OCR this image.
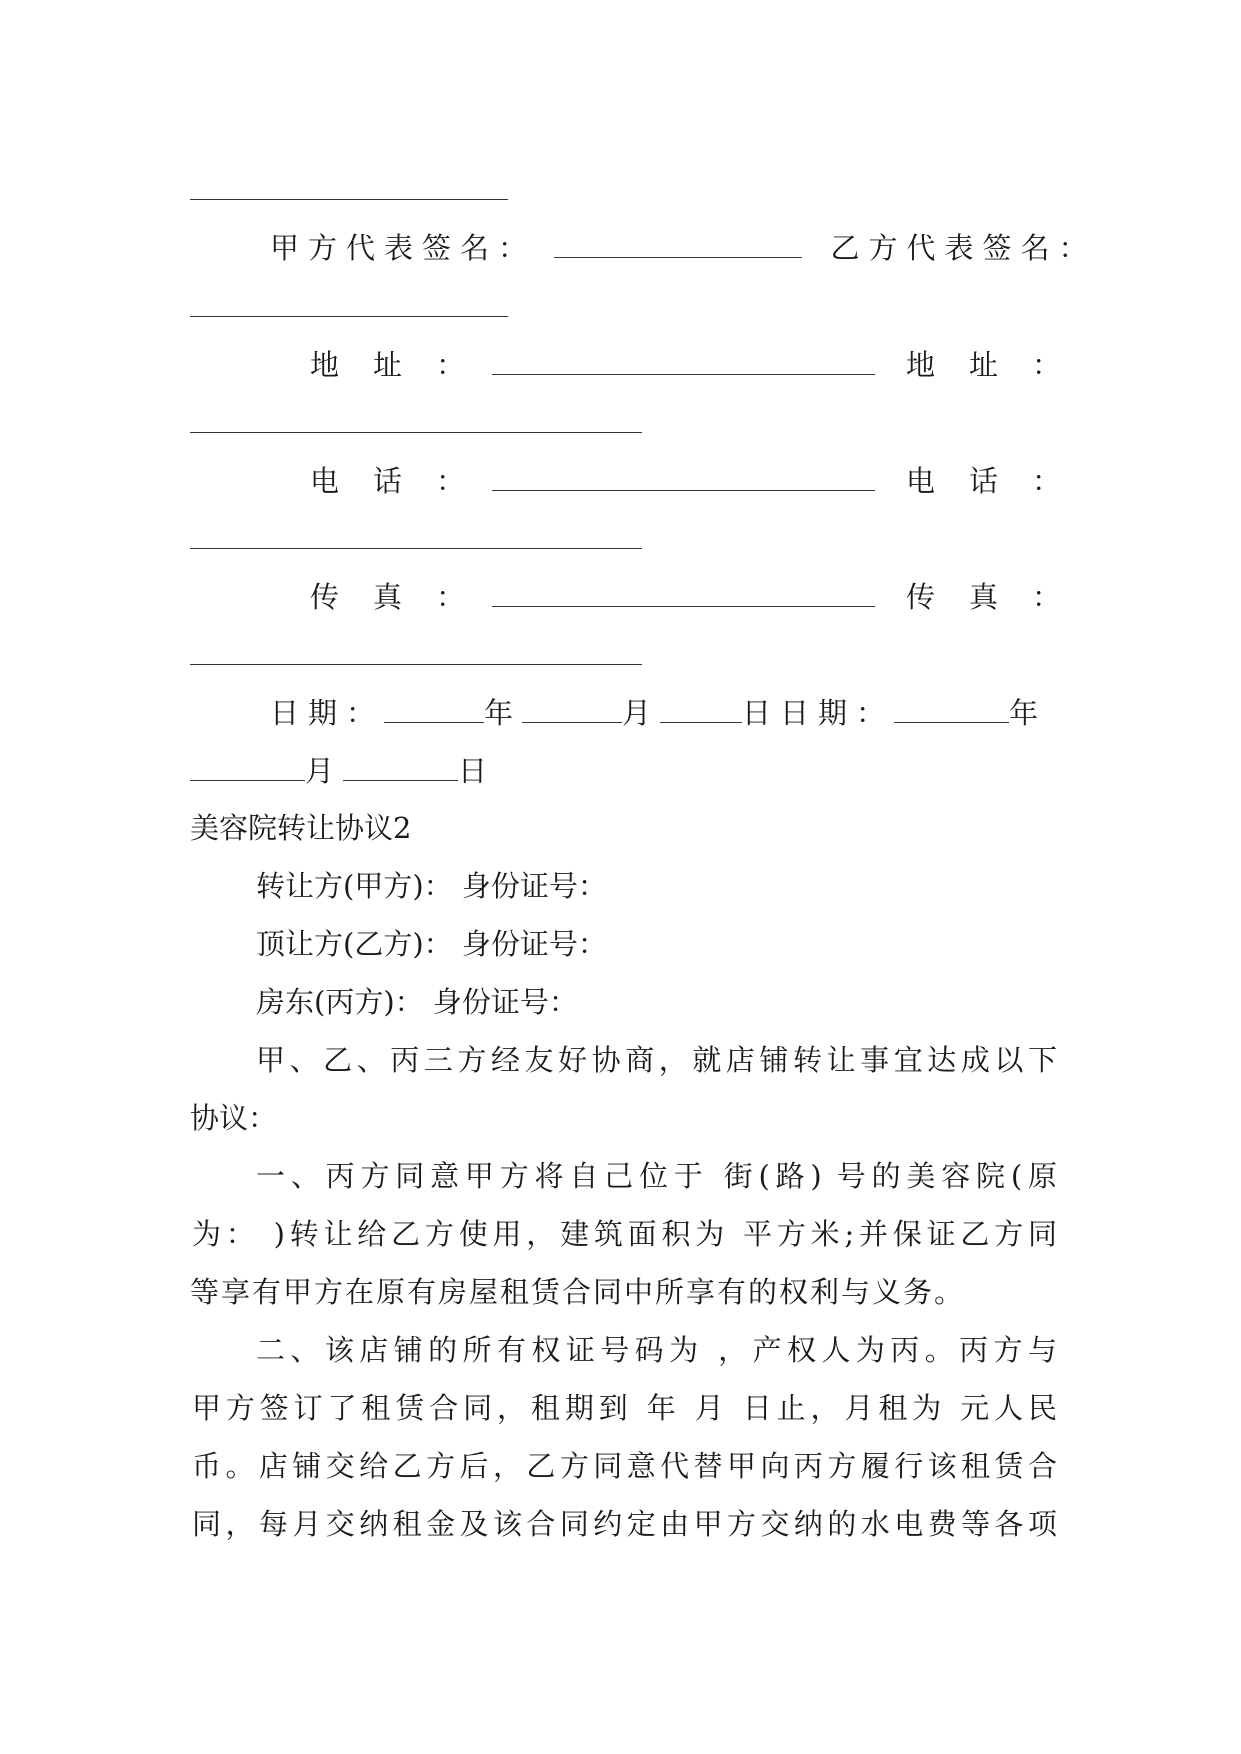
甲方代表签名：	乙方代表签名：
地址：	地址：
电话：	电话：
传真：	传真：
日期：	年	月	日日期：	年
月	日
美容院转让协议2
转让方(甲方)： 身份证号：
顶让方(乙方)： 身份证号：
房东(丙方)： 身份证号：
甲、乙、丙三方经友好协商，就店铺转让事宜达成以下
协议：
一、丙方同意甲方将自己位于 街(路) 号的美容院(原
为： )转让给乙方使用，建筑面积为 平方米;并保证乙方同
等享有甲方在原有房屋租赁合同中所享有的权利与义务。
二、该店铺的所有权证号码为 ，产权人为丙。丙方与
甲方签订了租赁合同，租期到 年 月 日止，月租为 元人民
币。店铺交给乙方后，乙方同意代替甲向丙方履行该租赁合
同，每月交纳租金及该合同约定由甲方交纳的水电费等各项
